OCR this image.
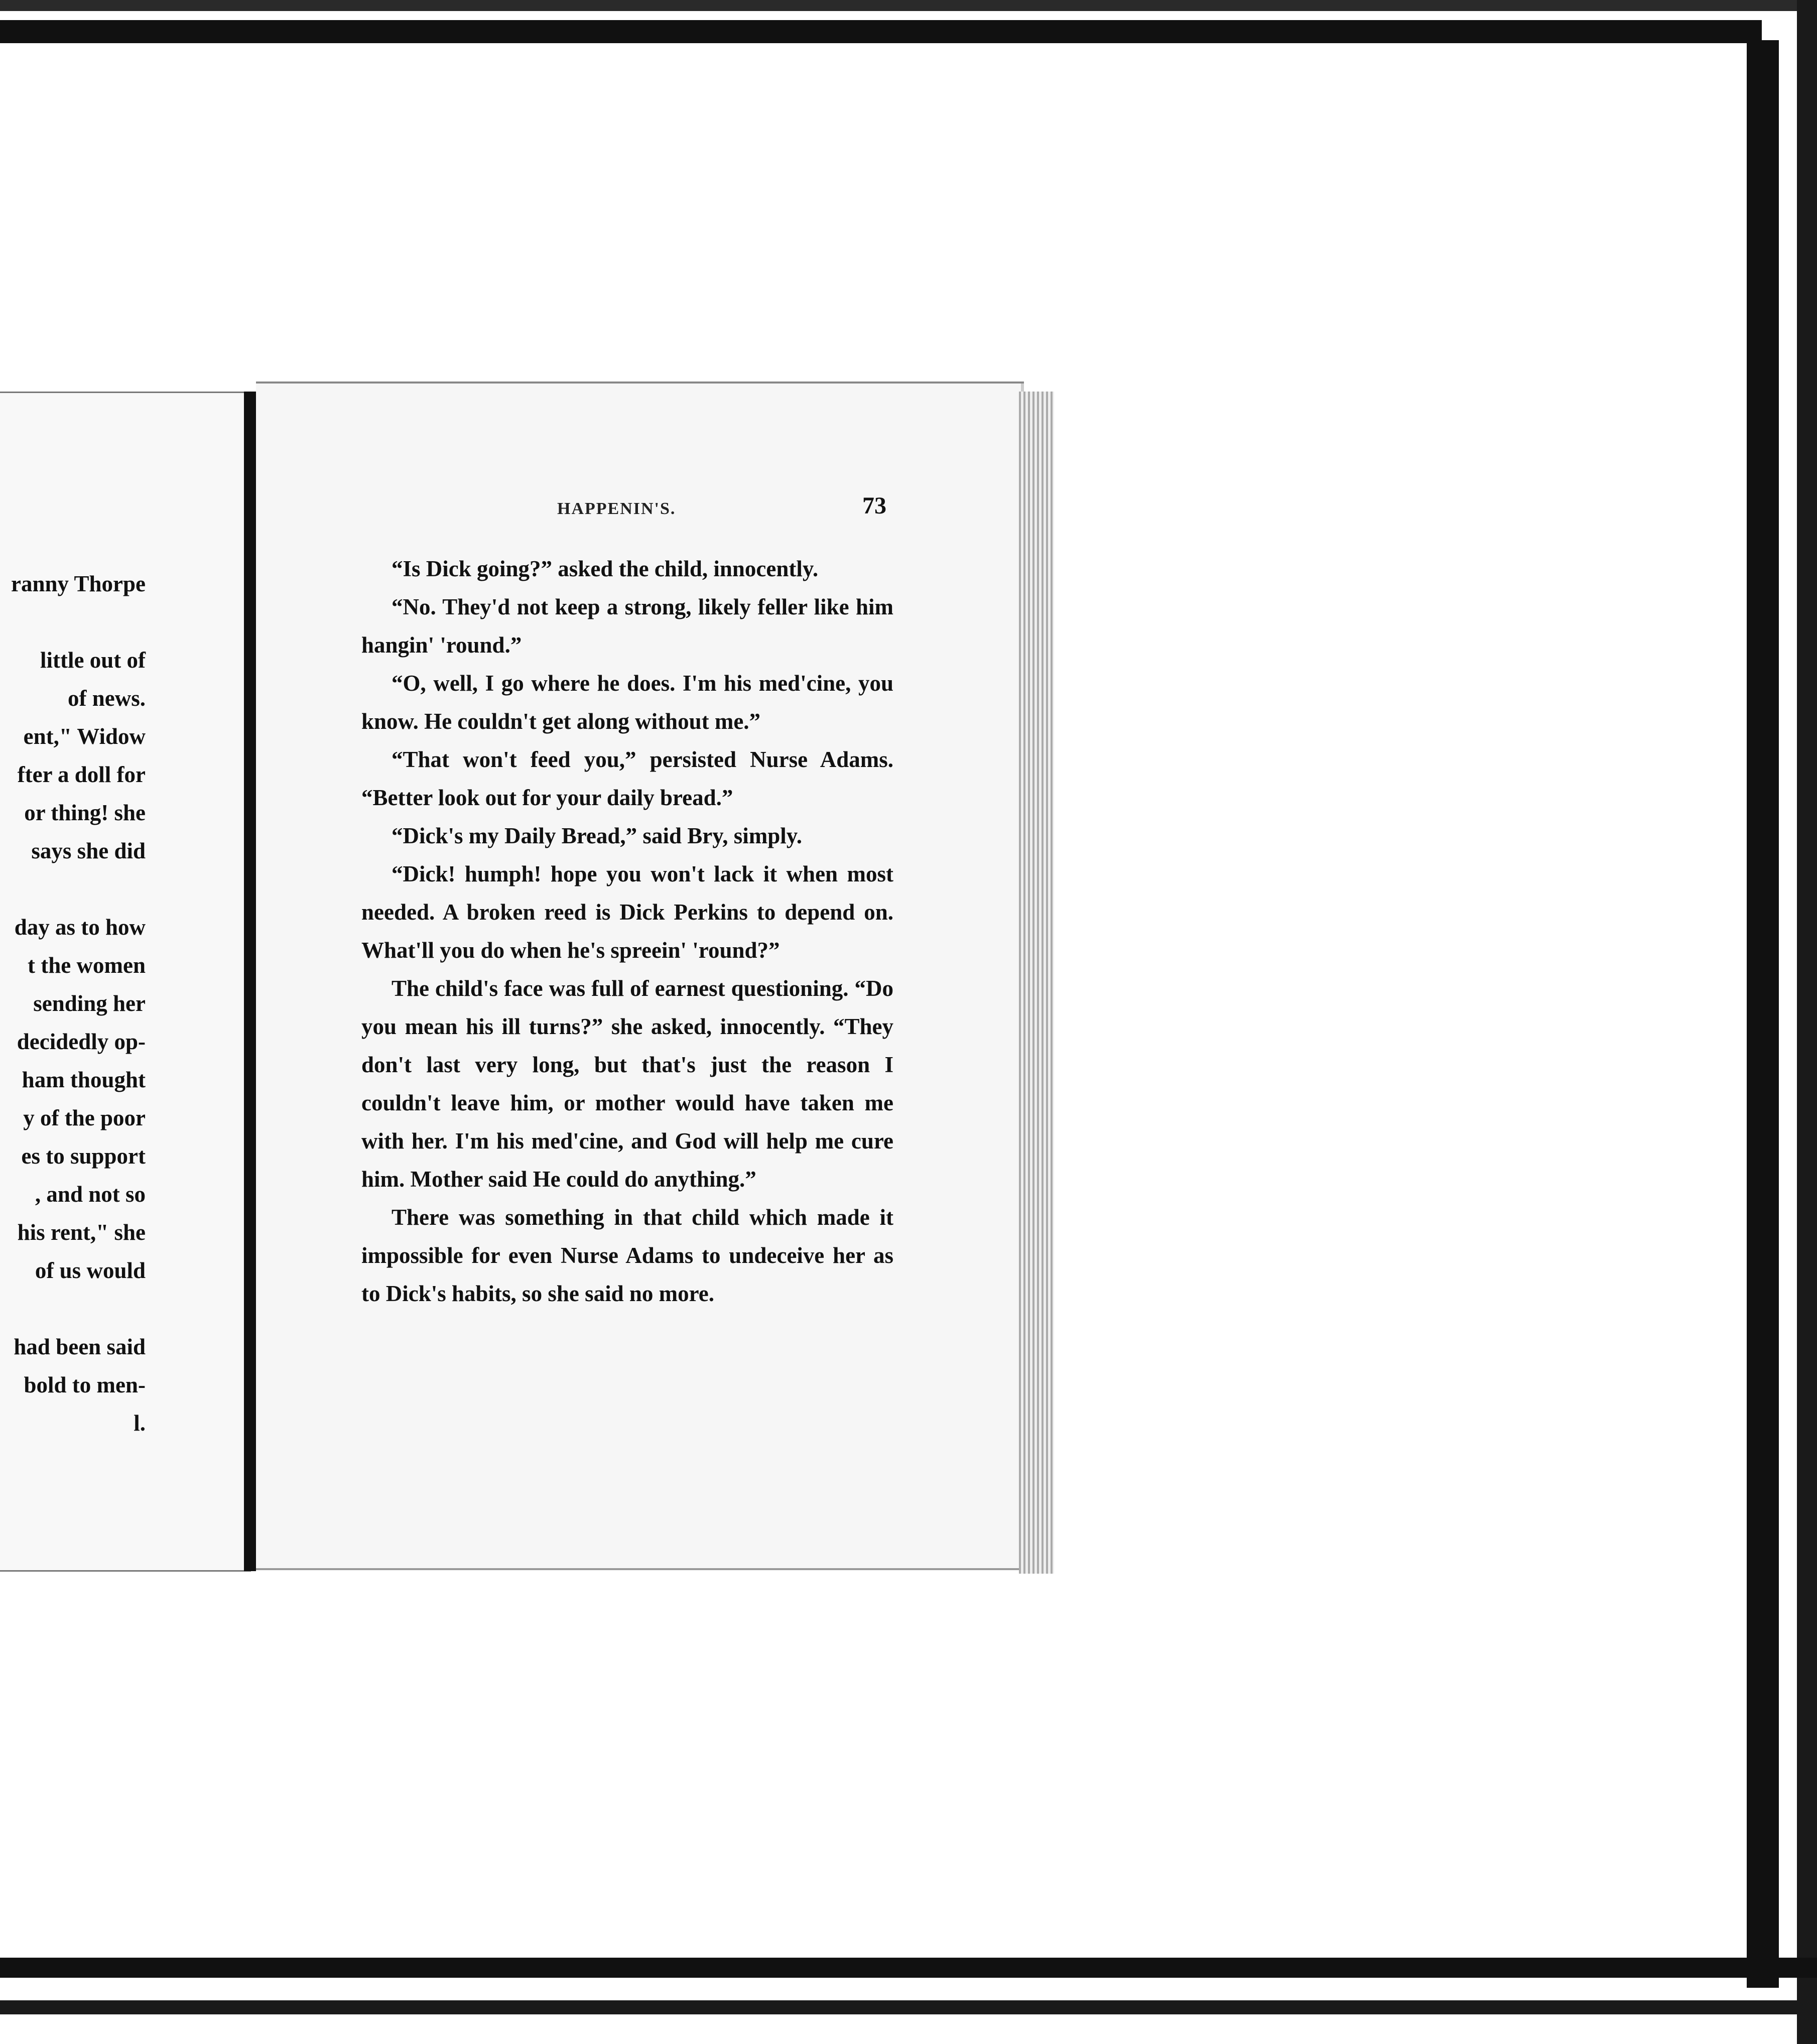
ranny Thorpe

little out of
of news.
ent," Widow
fter a doll for
or thing! she
says she did

day as to how
t the women
sending her
decidedly op-
ham thought
y of the poor
es to support
, and not so
his rent," she
of us would

had been said
bold to men-
l.
HAPPENIN'S.	73

“Is Dick going?” asked the child, innocently.

“No. They'd not keep a strong, likely feller like him hangin' 'round.”

“O, well, I go where he does. I'm his med'cine, you know. He couldn't get along without me.”

“That won't feed you,” persisted Nurse Adams. “Better look out for your daily bread.”

“Dick's my Daily Bread,” said Bry, simply.

“Dick! humph! hope you won't lack it when most needed. A broken reed is Dick Perkins to depend on. What'll you do when he's spreein' 'round?”

The child's face was full of earnest questioning. “Do you mean his ill turns?” she asked, innocently. “They don't last very long, but that's just the reason I couldn't leave him, or mother would have taken me with her. I'm his med'cine, and God will help me cure him. Mother said He could do anything.”

There was something in that child which made it impossible for even Nurse Adams to undeceive her as to Dick's habits, so she said no more.
